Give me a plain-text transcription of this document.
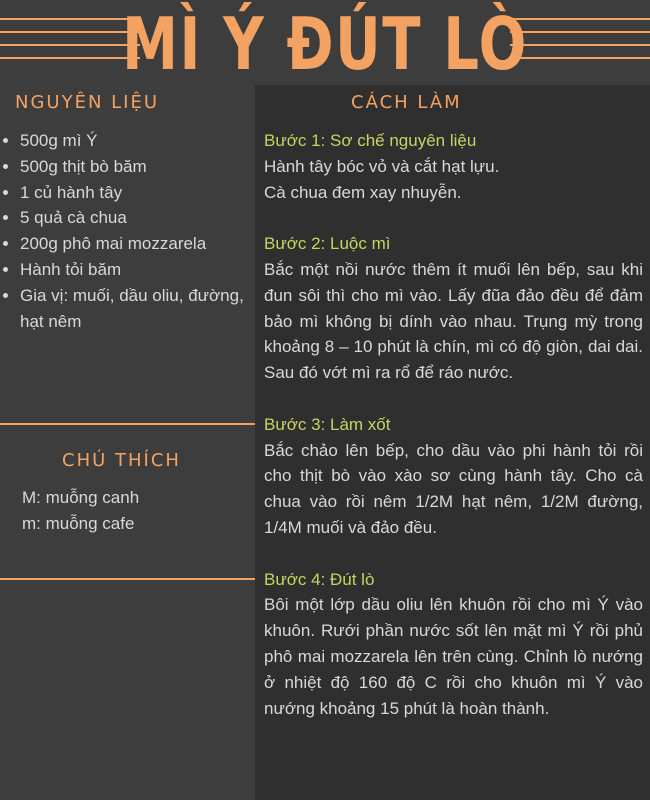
MÌ Ý ĐÚT LÒ
NGUYÊN LIỆU
• 500g mì Ý
• 500g thịt bò băm
• 1 củ hành tây
• 5 quả cà chua
• 200g phô mai mozzarela
• Hành tỏi băm
• Gia vị: muối, dầu oliu, đường, hạt nêm
CHÚ THÍCH
M: muỗng canh
m: muỗng cafe
CÁCH LÀM
Bước 1: Sơ chế nguyên liệu
Hành tây bóc vỏ và cắt hạt lựu.
Cà chua đem xay nhuyễn.
Bước 2: Luộc mì
Bắc một nồi nước thêm ít muối lên bếp, sau khi đun sôi thì cho mì vào. Lấy đũa đảo đều để đảm bảo mì không bị dính vào nhau. Trụng mỳ trong khoảng 8 – 10 phút là chín, mì có độ giòn, dai dai. Sau đó vớt mì ra rổ để ráo nước.
Bước 3: Làm xốt
Bắc chảo lên bếp, cho dầu vào phi hành tỏi rồi cho thịt bò vào xào sơ cùng hành tây. Cho cà chua vào rồi nêm 1/2M hạt nêm, 1/2M đường, 1/4M muối và đảo đều.
Bước 4: Đút lò
Bôi một lớp dầu oliu lên khuôn rồi cho mì Ý vào khuôn. Rưới phần nước sốt lên mặt mì Ý rồi phủ phô mai mozzarela lên trên cùng. Chỉnh lò nướng ở nhiệt độ 160 độ C rồi cho khuôn mì Ý vào nướng khoảng 15 phút là hoàn thành.
